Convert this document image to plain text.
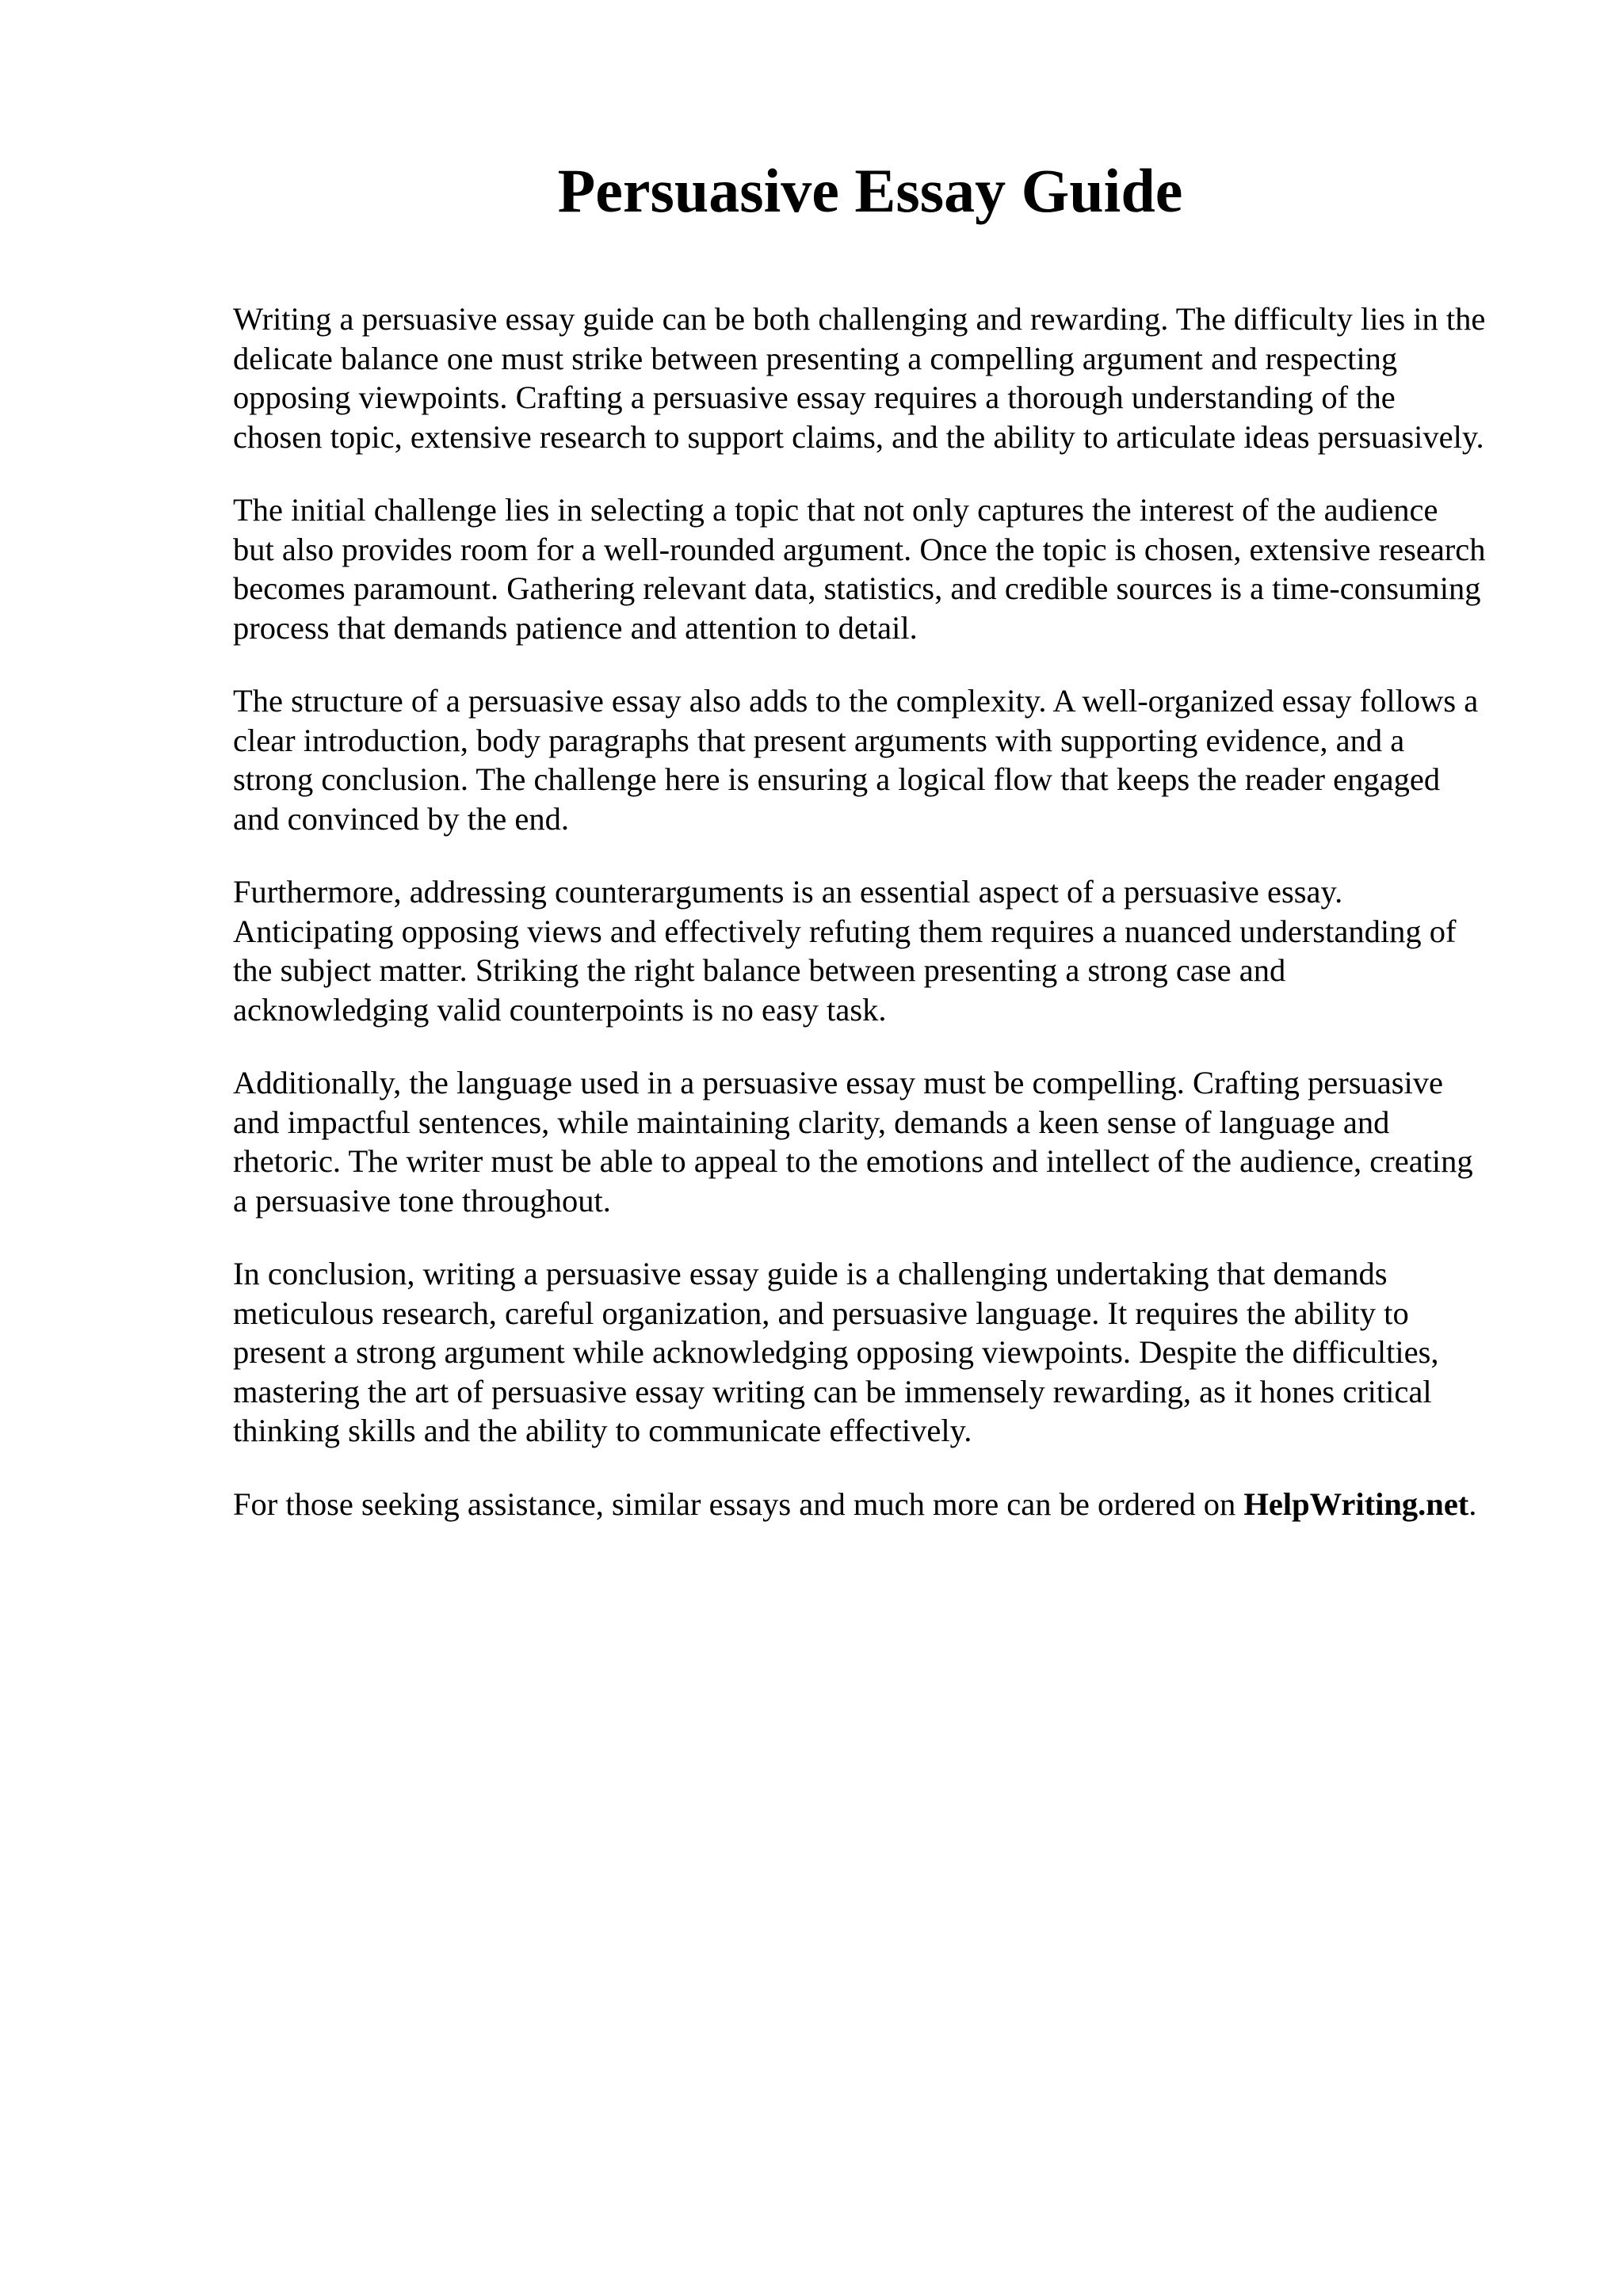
Persuasive Essay Guide

Writing a persuasive essay guide can be both challenging and rewarding. The difficulty lies in the
delicate balance one must strike between presenting a compelling argument and respecting
opposing viewpoints. Crafting a persuasive essay requires a thorough understanding of the
chosen topic, extensive research to support claims, and the ability to articulate ideas persuasively.

The initial challenge lies in selecting a topic that not only captures the interest of the audience
but also provides room for a well-rounded argument. Once the topic is chosen, extensive research
becomes paramount. Gathering relevant data, statistics, and credible sources is a time-consuming
process that demands patience and attention to detail.

The structure of a persuasive essay also adds to the complexity. A well-organized essay follows a
clear introduction, body paragraphs that present arguments with supporting evidence, and a
strong conclusion. The challenge here is ensuring a logical flow that keeps the reader engaged
and convinced by the end.

Furthermore, addressing counterarguments is an essential aspect of a persuasive essay.
Anticipating opposing views and effectively refuting them requires a nuanced understanding of
the subject matter. Striking the right balance between presenting a strong case and
acknowledging valid counterpoints is no easy task.

Additionally, the language used in a persuasive essay must be compelling. Crafting persuasive
and impactful sentences, while maintaining clarity, demands a keen sense of language and
rhetoric. The writer must be able to appeal to the emotions and intellect of the audience, creating
a persuasive tone throughout.

In conclusion, writing a persuasive essay guide is a challenging undertaking that demands
meticulous research, careful organization, and persuasive language. It requires the ability to
present a strong argument while acknowledging opposing viewpoints. Despite the difficulties,
mastering the art of persuasive essay writing can be immensely rewarding, as it hones critical
thinking skills and the ability to communicate effectively.

For those seeking assistance, similar essays and much more can be ordered on HelpWriting.net.
